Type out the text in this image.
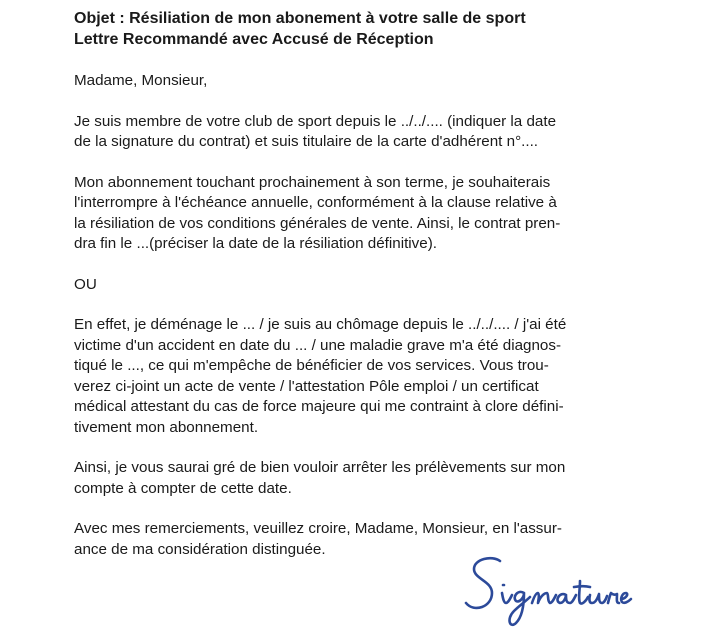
Objet : Résiliation de mon abonement à votre salle de sport
Lettre Recommandé avec Accusé de Réception
Madame, Monsieur,
Je suis membre de votre club de sport depuis le ../../.... (indiquer la date
de la signature du contrat) et suis titulaire de la carte d'adhérent n°....
Mon abonnement touchant prochainement à son terme, je souhaiterais
l'interrompre à l'échéance annuelle, conformément à la clause relative à
la résiliation de vos conditions générales de vente. Ainsi, le contrat pren-
dra fin le ...(préciser la date de la résiliation définitive).
OU
En effet, je déménage le ... / je suis au chômage depuis le ../../.... / j'ai été
victime d'un accident en date du ... / une maladie grave m'a été diagnos-
tiqué le ..., ce qui m'empêche de bénéficier de vos services. Vous trou-
verez ci-joint un acte de vente / l'attestation Pôle emploi / un certificat
médical attestant du cas de force majeure qui me contraint à clore défini-
tivement mon abonnement.
Ainsi, je vous saurai gré de bien vouloir arrêter les prélèvements sur mon
compte à compter de cette date.
Avec mes remerciements, veuillez croire, Madame, Monsieur, en l'assur-
ance de ma considération distinguée.
